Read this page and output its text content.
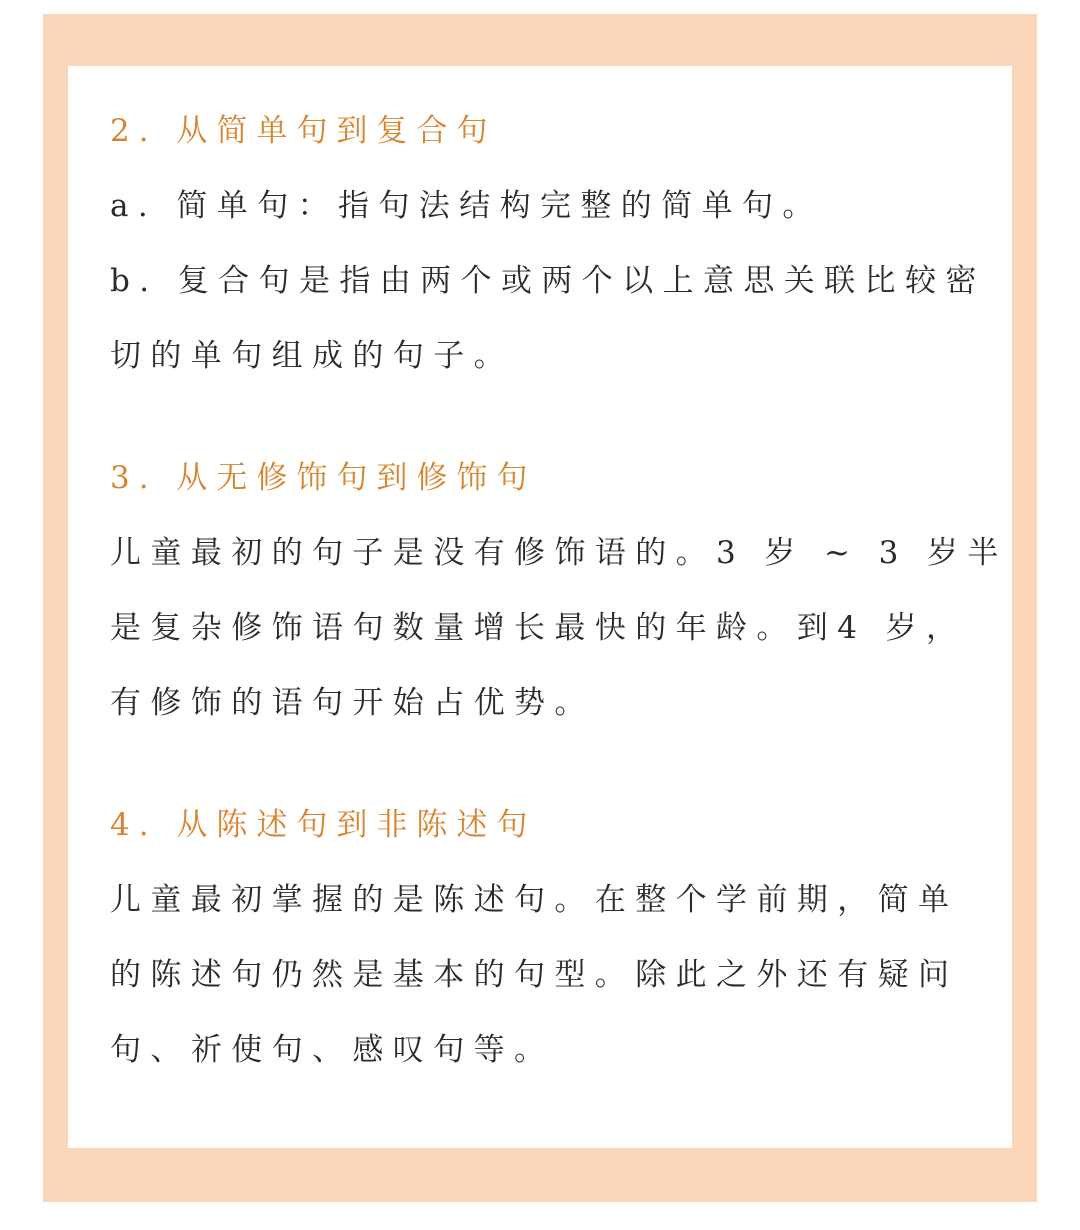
2. 从简单句到复合句

a. 简单句：指句法结构完整的简单句。

b. 复合句是指由两个或两个以上意思关联比较密

切的单句组成的句子。

3. 从无修饰句到修饰句

儿童最初的句子是没有修饰语的。3 岁 ~ 3 岁半

是复杂修饰语句数量增长最快的年龄。到4 岁，

有修饰的语句开始占优势。

4. 从陈述句到非陈述句

儿童最初掌握的是陈述句。在整个学前期，简单

的陈述句仍然是基本的句型。除此之外还有疑问

句、祈使句、感叹句等。
